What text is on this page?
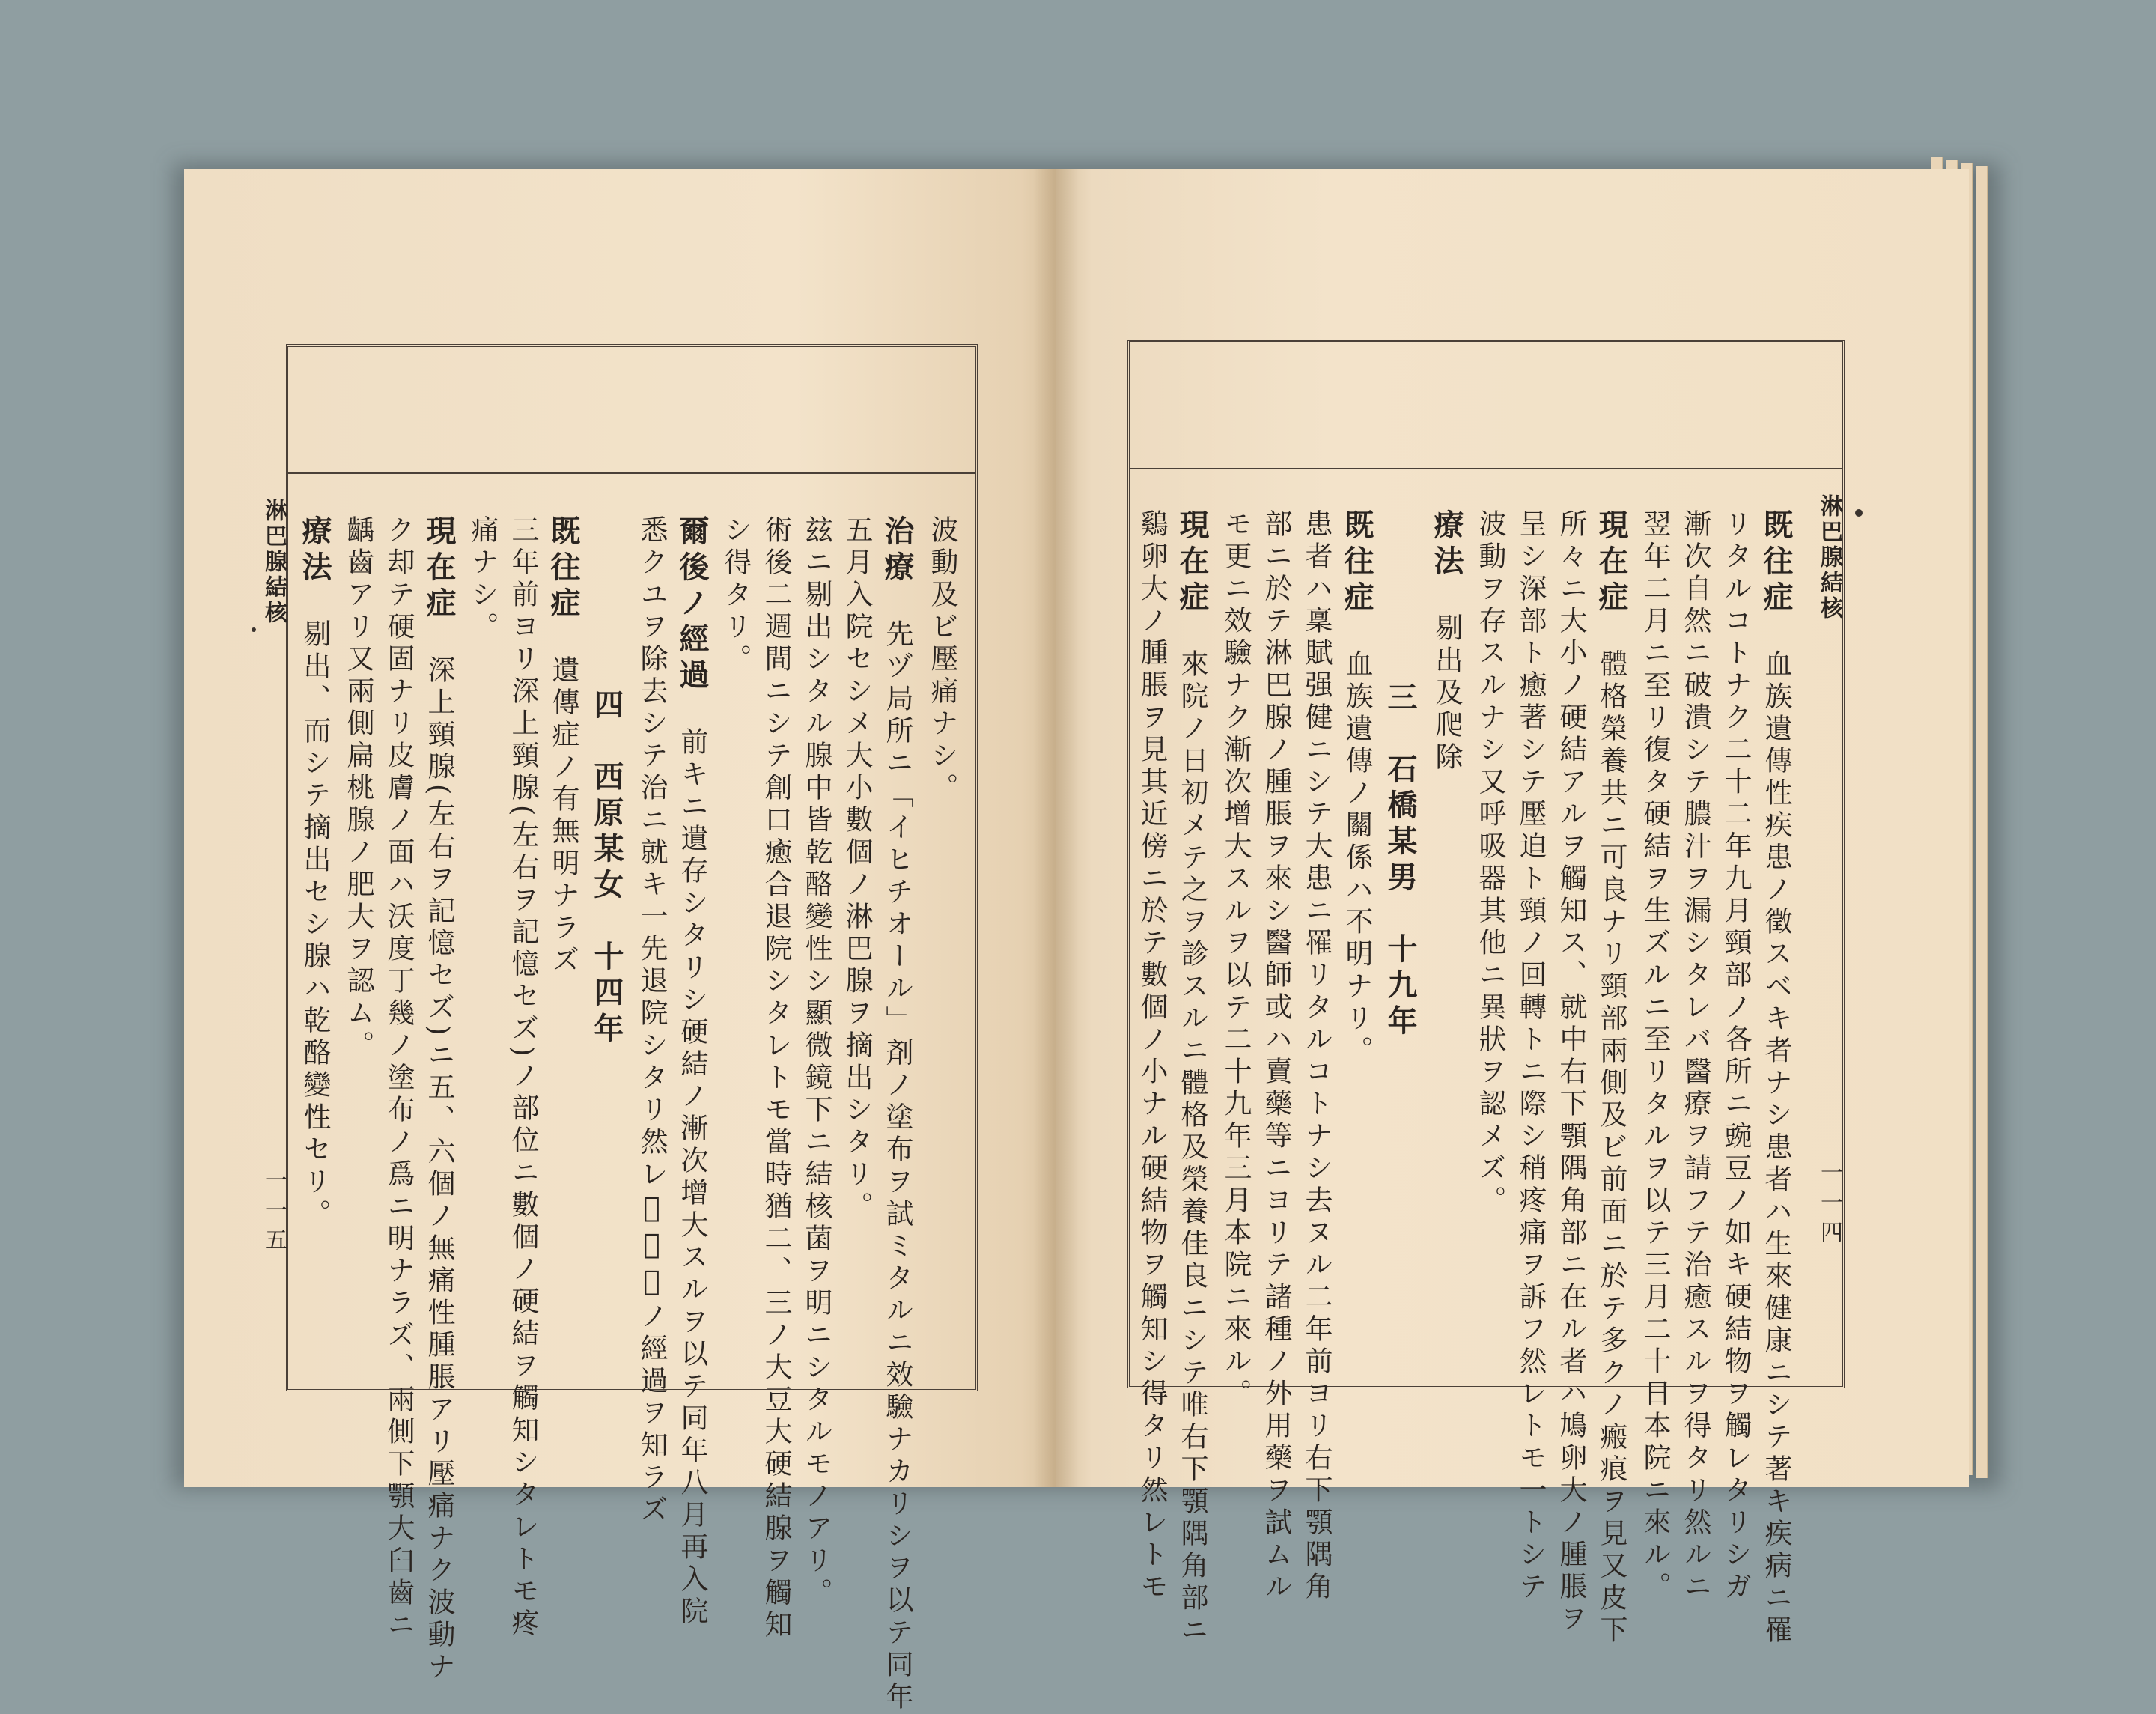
淋巴腺結核
一一五
淋巴腺結核
一一四
波動及ビ壓痛ナシ。
治療　先ヅ局所ニ「イヒチオール」剤ノ塗布ヲ試ミタルニ效驗ナカリシヲ以テ同年
五月入院セシメ大小數個ノ淋巴腺ヲ摘出シタリ。
玆ニ剔出シタル腺中皆乾酪變性シ顯微鏡下ニ結核菌ヲ明ニシタルモノアリ。
術後二週間ニシテ創口癒合退院シタレトモ當時猶二、三ノ大豆大硬結腺ヲ觸知
シ得タリ。
爾後ノ經過　前キニ遺存シタリシ硬結ノ漸次增大スルヲ以テ同年八月再入院
悉クユヲ除去シテ治ニ就キ一先退院シタリ然レ𪜈其後ノ經過ヲ知ラズ
四　西原某女　十四年
既往症　遺傳症ノ有無明ナラズ
三年前ヨリ深上頸腺(左右ヲ記憶セズ)ノ部位ニ數個ノ硬結ヲ觸知シタレトモ疼
痛ナシ。
現在症　深上頸腺(左右ヲ記憶セズ)ニ五、六個ノ無痛性腫脹アリ壓痛ナク波動ナ
ク却テ硬固ナリ皮膚ノ面ハ沃度丁幾ノ塗布ノ爲ニ明ナラズ、兩側下顎大臼齒ニ
齲齒アリ又兩側扁桃腺ノ肥大ヲ認ム。
療法　剔出、而シテ摘出セシ腺ハ乾酪變性セリ。
既往症　血族遺傳性疾患ノ徵スベキ者ナシ患者ハ生來健康ニシテ著キ疾病ニ罹
リタルコトナク二十二年九月頸部ノ各所ニ豌豆ノ如キ硬結物ヲ觸レタリシガ
漸次自然ニ破潰シテ膿汁ヲ漏シタレバ醫療ヲ請フテ治癒スルヲ得タリ然ルニ
翌年二月ニ至リ復タ硬結ヲ生ズルニ至リタルヲ以テ三月二十日本院ニ來ル。
現在症　體格榮養共ニ可良ナリ頸部兩側及ビ前面ニ於テ多クノ瘢痕ヲ見又皮下
所々ニ大小ノ硬結アルヲ觸知ス、就中右下顎隅角部ニ在ル者ハ鳩卵大ノ腫脹ヲ
呈シ深部ト癒著シテ壓迫ト頸ノ回轉トニ際シ稍疼痛ヲ訴フ然レトモ一トシテ
波動ヲ存スルナシ又呼吸器其他ニ異狀ヲ認メズ。
療法　剔出及爬除
三　石橋某男　十九年
既往症　血族遺傳ノ關係ハ不明ナリ。
患者ハ稟賦强健ニシテ大患ニ罹リタルコトナシ去ヌル二年前ヨリ右下顎隅角
部ニ於テ淋巴腺ノ腫脹ヲ來シ醫師或ハ賣藥等ニヨリテ諸種ノ外用藥ヲ試ムル
モ更ニ效驗ナク漸次增大スルヲ以テ二十九年三月本院ニ來ル。
現在症　來院ノ日初メテ之ヲ診スルニ體格及榮養佳良ニシテ唯右下顎隅角部ニ
鷄卵大ノ腫脹ヲ見其近傍ニ於テ數個ノ小ナル硬結物ヲ觸知シ得タリ然レトモ
